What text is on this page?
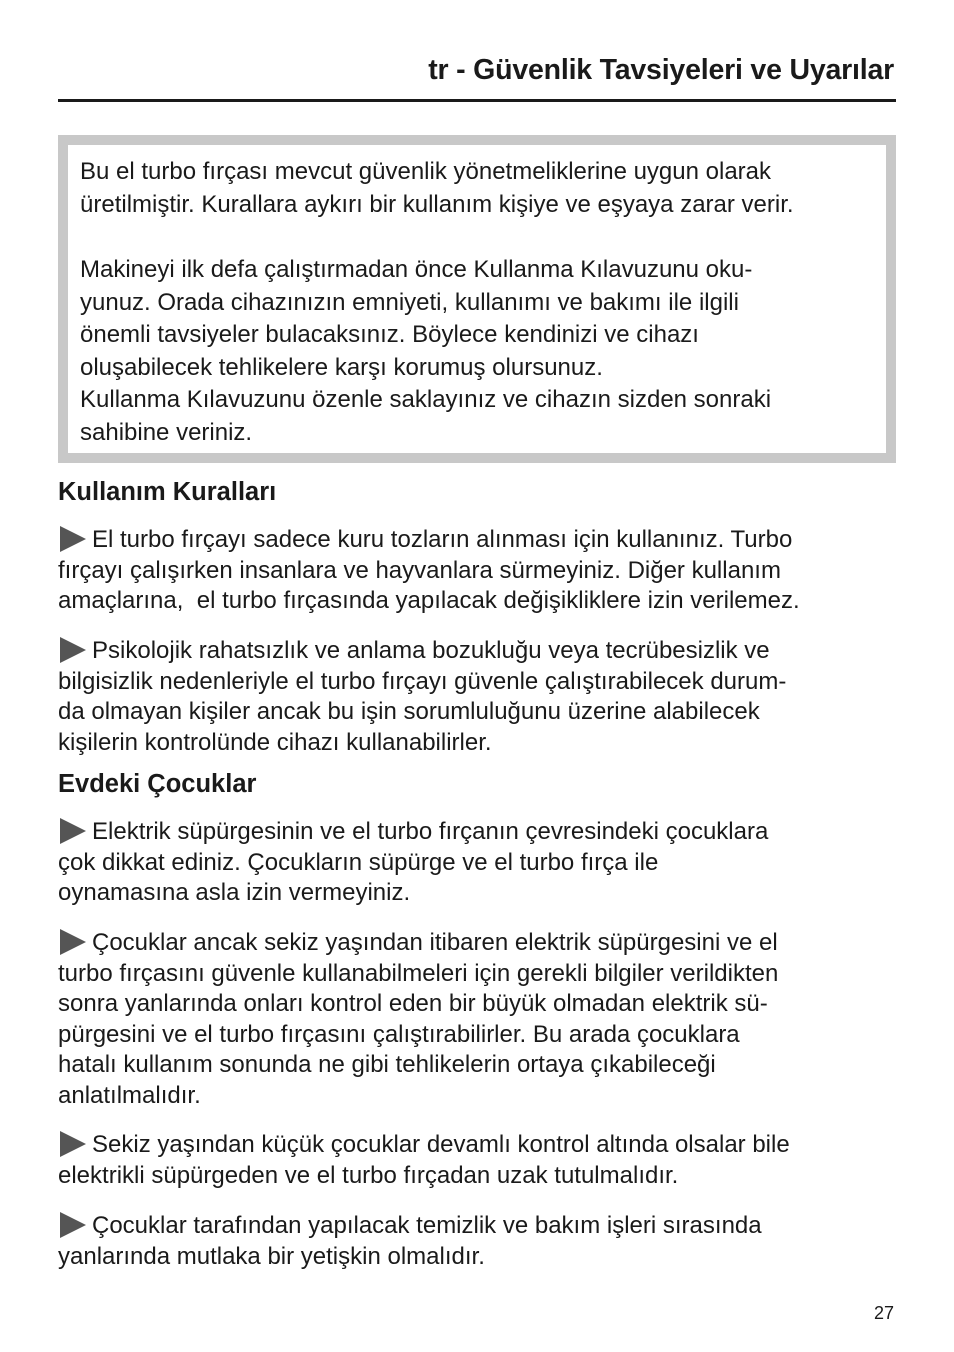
tr - Güvenlik Tavsiyeleri ve Uyarılar

Bu el turbo fırçası mevcut güvenlik yönetmeliklerine uygun olarak
üretilmiştir. Kurallara aykırı bir kullanım kişiye ve eşyaya zarar verir.

Makineyi ilk defa çalıştırmadan önce Kullanma Kılavuzunu oku-
yunuz. Orada cihazınızın emniyeti, kullanımı ve bakımı ile ilgili
önemli tavsiyeler bulacaksınız. Böylece kendinizi ve cihazı
oluşabilecek tehlikelere karşı korumuş olursunuz.
Kullanma Kılavuzunu özenle saklayınız ve cihazın sizden sonraki
sahibine veriniz.

Kullanım Kuralları

El turbo fırçayı sadece kuru tozların alınması için kullanınız. Turbo
fırçayı çalışırken insanlara ve hayvanlara sürmeyiniz. Diğer kullanım
amaçlarına,  el turbo fırçasında yapılacak değişikliklere izin verilemez.

Psikolojik rahatsızlık ve anlama bozukluğu veya tecrübesizlik ve
bilgisizlik nedenleriyle el turbo fırçayı güvenle çalıştırabilecek durum-
da olmayan kişiler ancak bu işin sorumluluğunu üzerine alabilecek
kişilerin kontrolünde cihazı kullanabilirler.

Evdeki Çocuklar

Elektrik süpürgesinin ve el turbo fırçanın çevresindeki çocuklara
çok dikkat ediniz. Çocukların süpürge ve el turbo fırça ile
oynamasına asla izin vermeyiniz.

Çocuklar ancak sekiz yaşından itibaren elektrik süpürgesini ve el
turbo fırçasını güvenle kullanabilmeleri için gerekli bilgiler verildikten
sonra yanlarında onları kontrol eden bir büyük olmadan elektrik sü-
pürgesini ve el turbo fırçasını çalıştırabilirler. Bu arada çocuklara
hatalı kullanım sonunda ne gibi tehlikelerin ortaya çıkabileceği
anlatılmalıdır.

Sekiz yaşından küçük çocuklar devamlı kontrol altında olsalar bile
elektrikli süpürgeden ve el turbo fırçadan uzak tutulmalıdır.

Çocuklar tarafından yapılacak temizlik ve bakım işleri sırasında
yanlarında mutlaka bir yetişkin olmalıdır.

27
